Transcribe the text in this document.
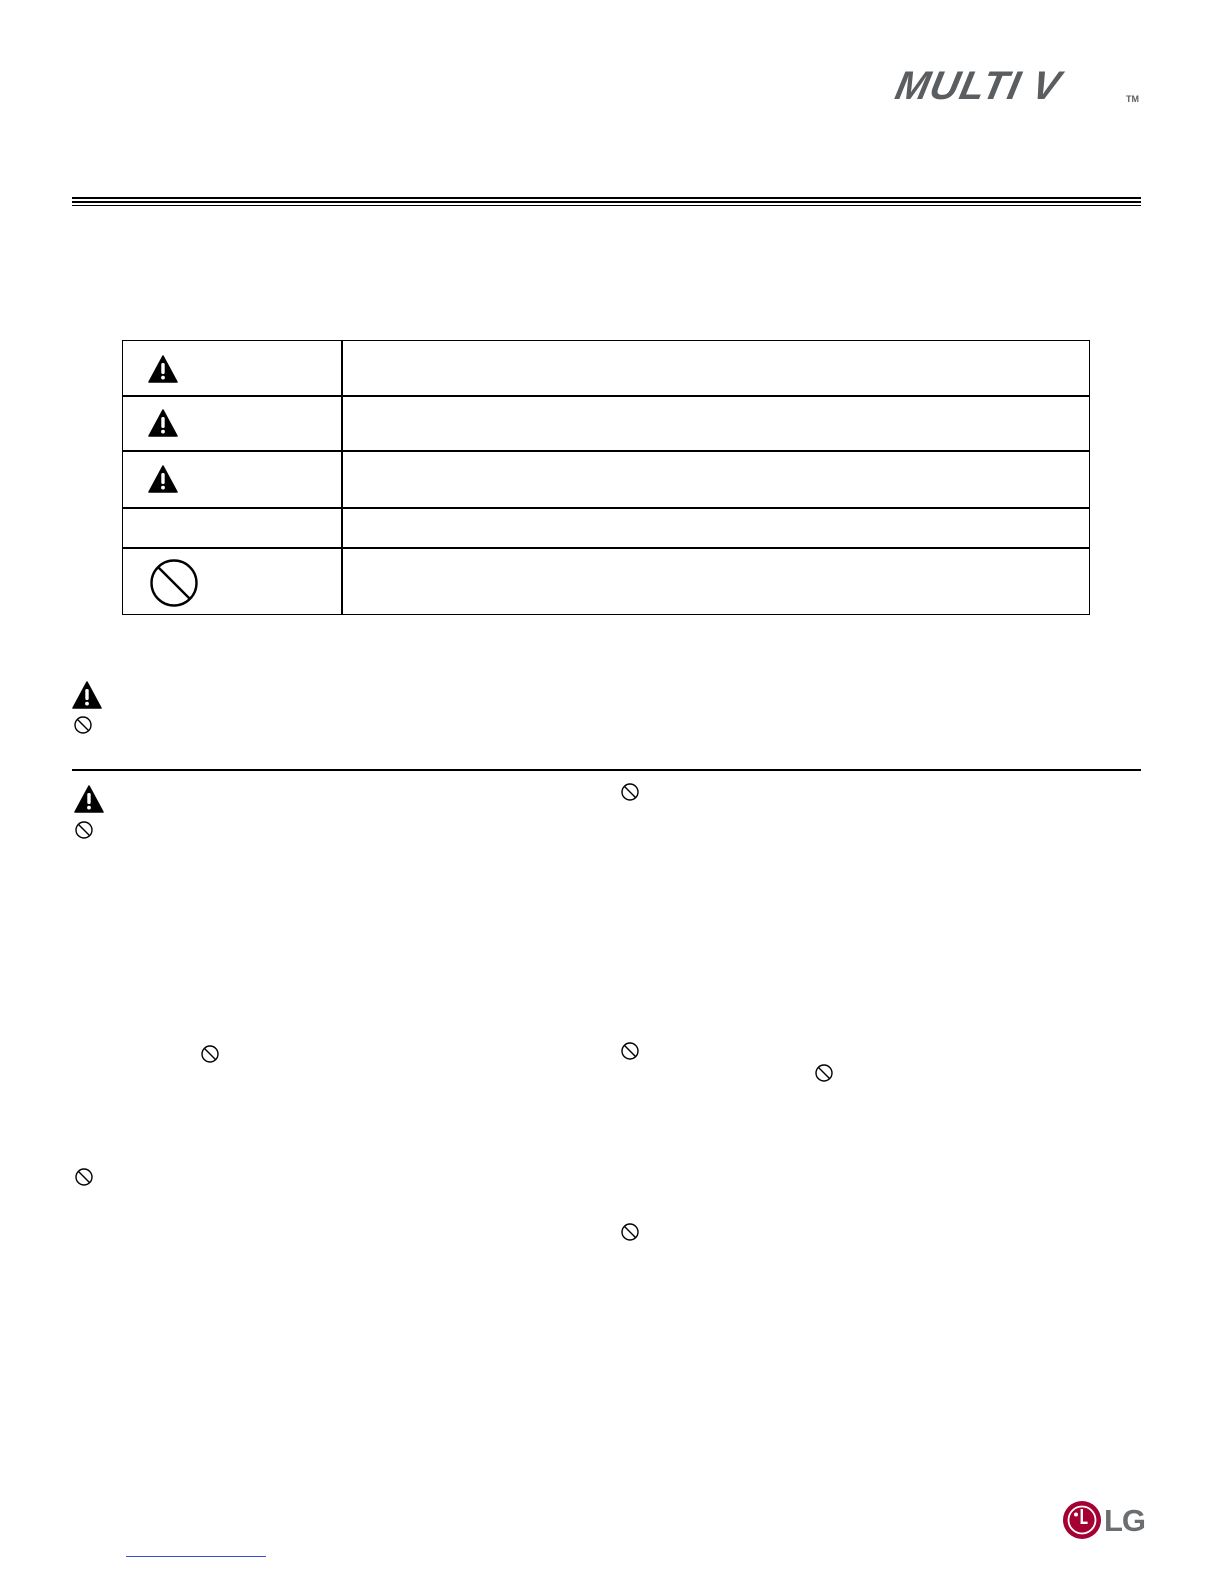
MULTI V	TM
LG
